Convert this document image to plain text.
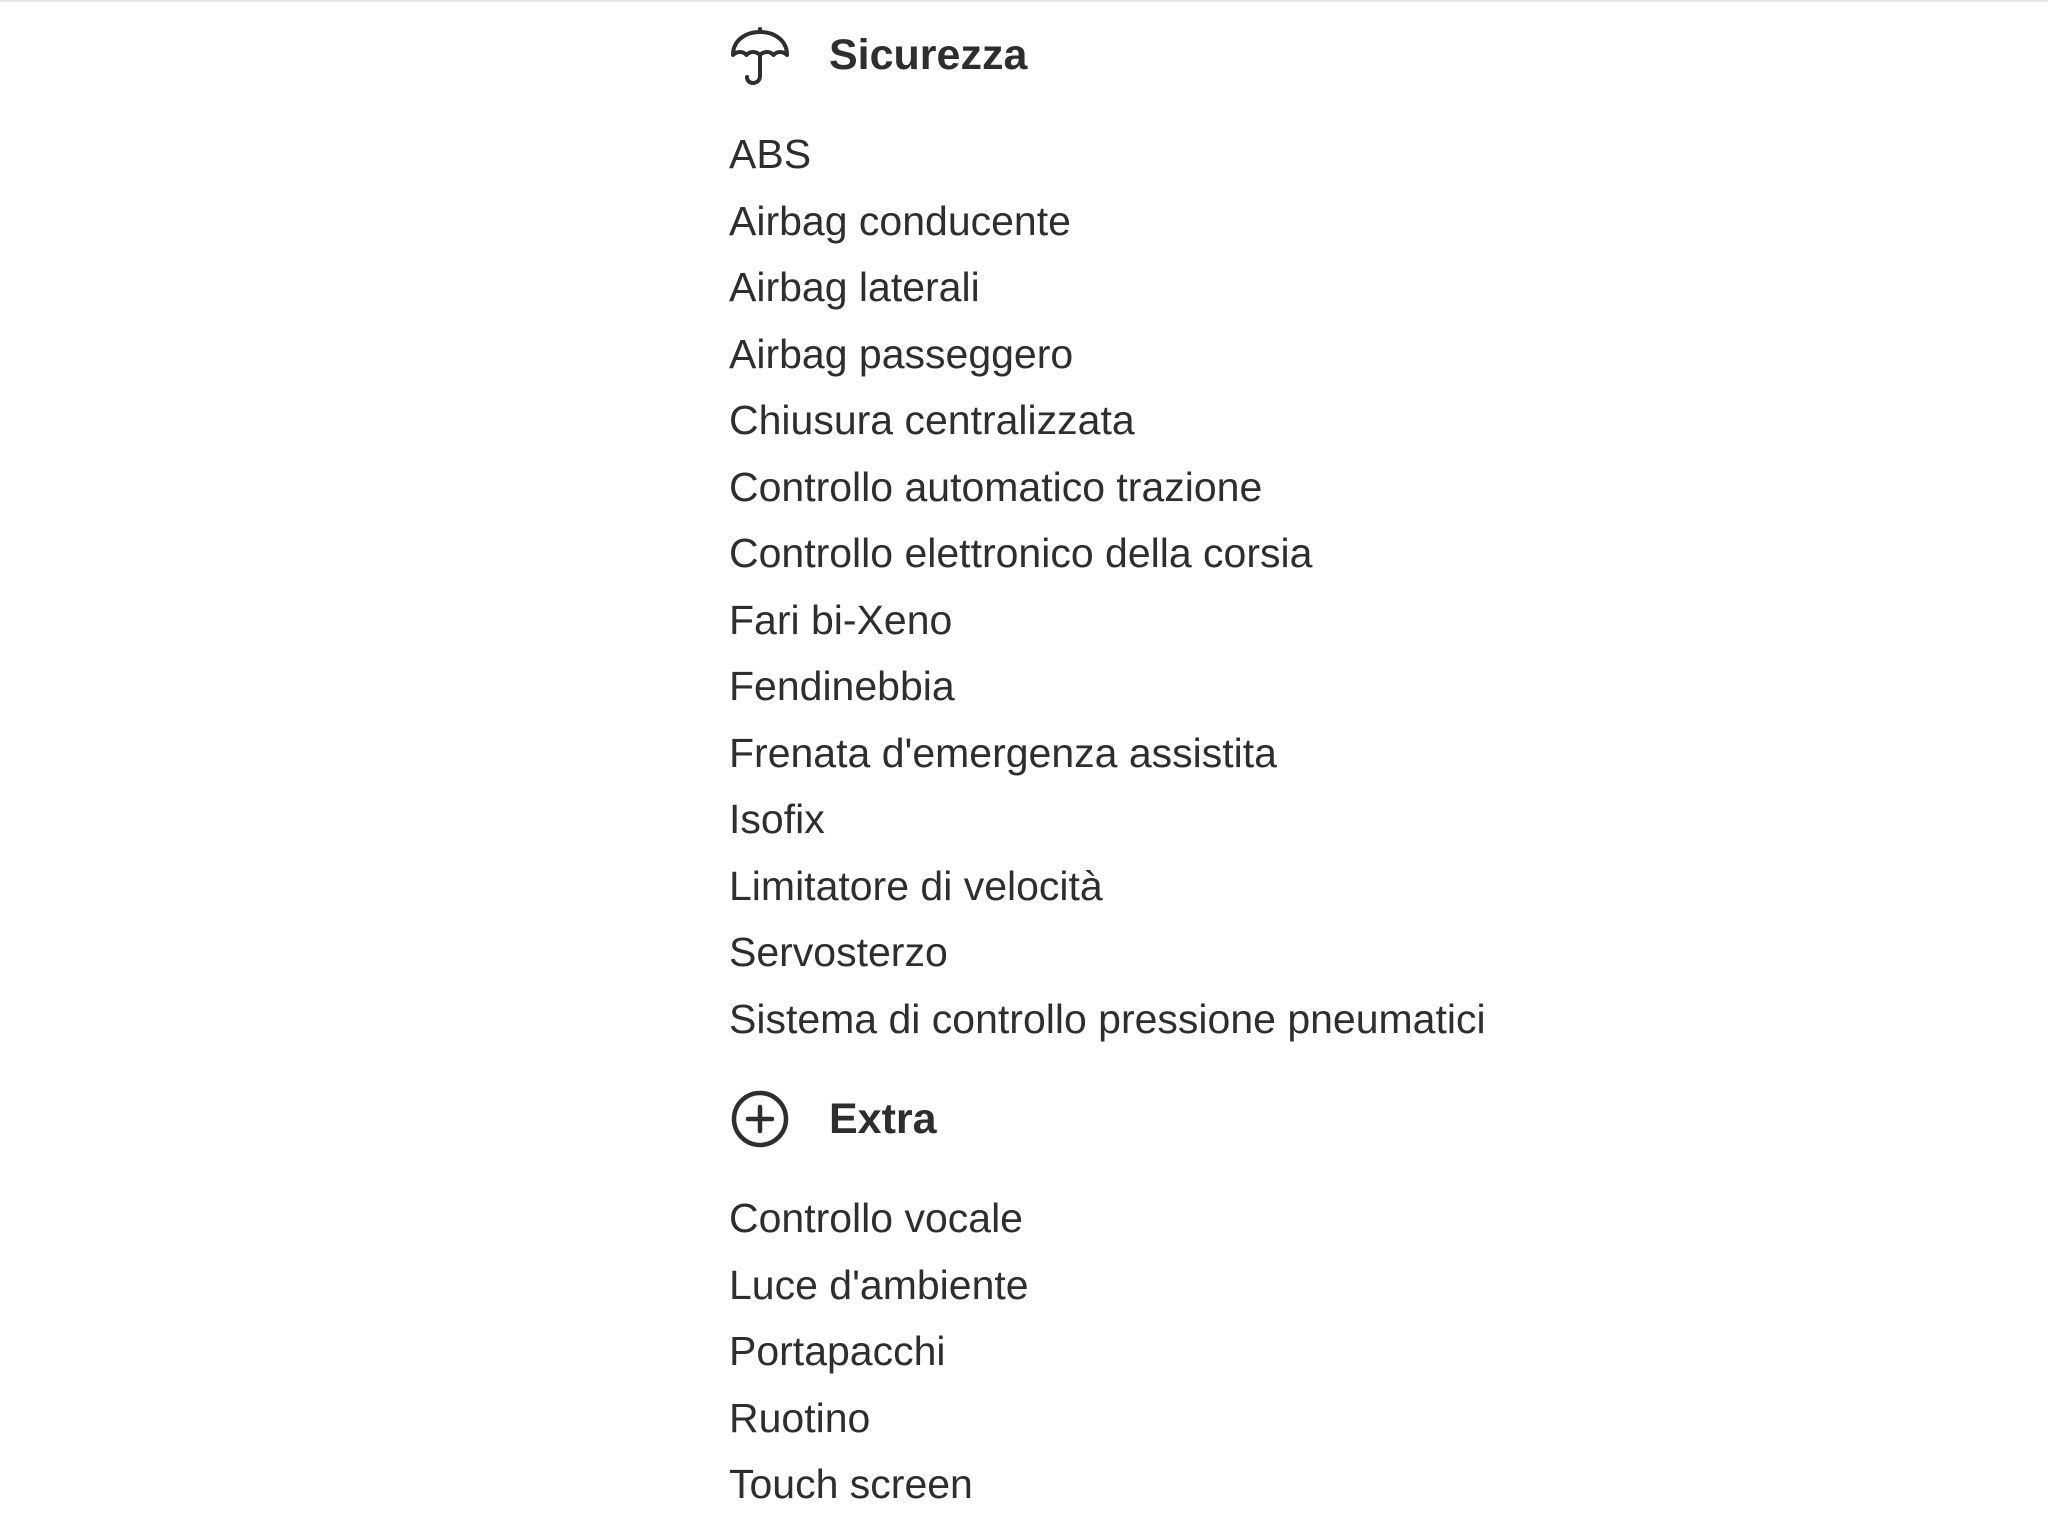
Sicurezza
ABS
Airbag conducente
Airbag laterali
Airbag passeggero
Chiusura centralizzata
Controllo automatico trazione
Controllo elettronico della corsia
Fari bi-Xeno
Fendinebbia
Frenata d'emergenza assistita
Isofix
Limitatore di velocità
Servosterzo
Sistema di controllo pressione pneumatici
Extra
Controllo vocale
Luce d'ambiente
Portapacchi
Ruotino
Touch screen
